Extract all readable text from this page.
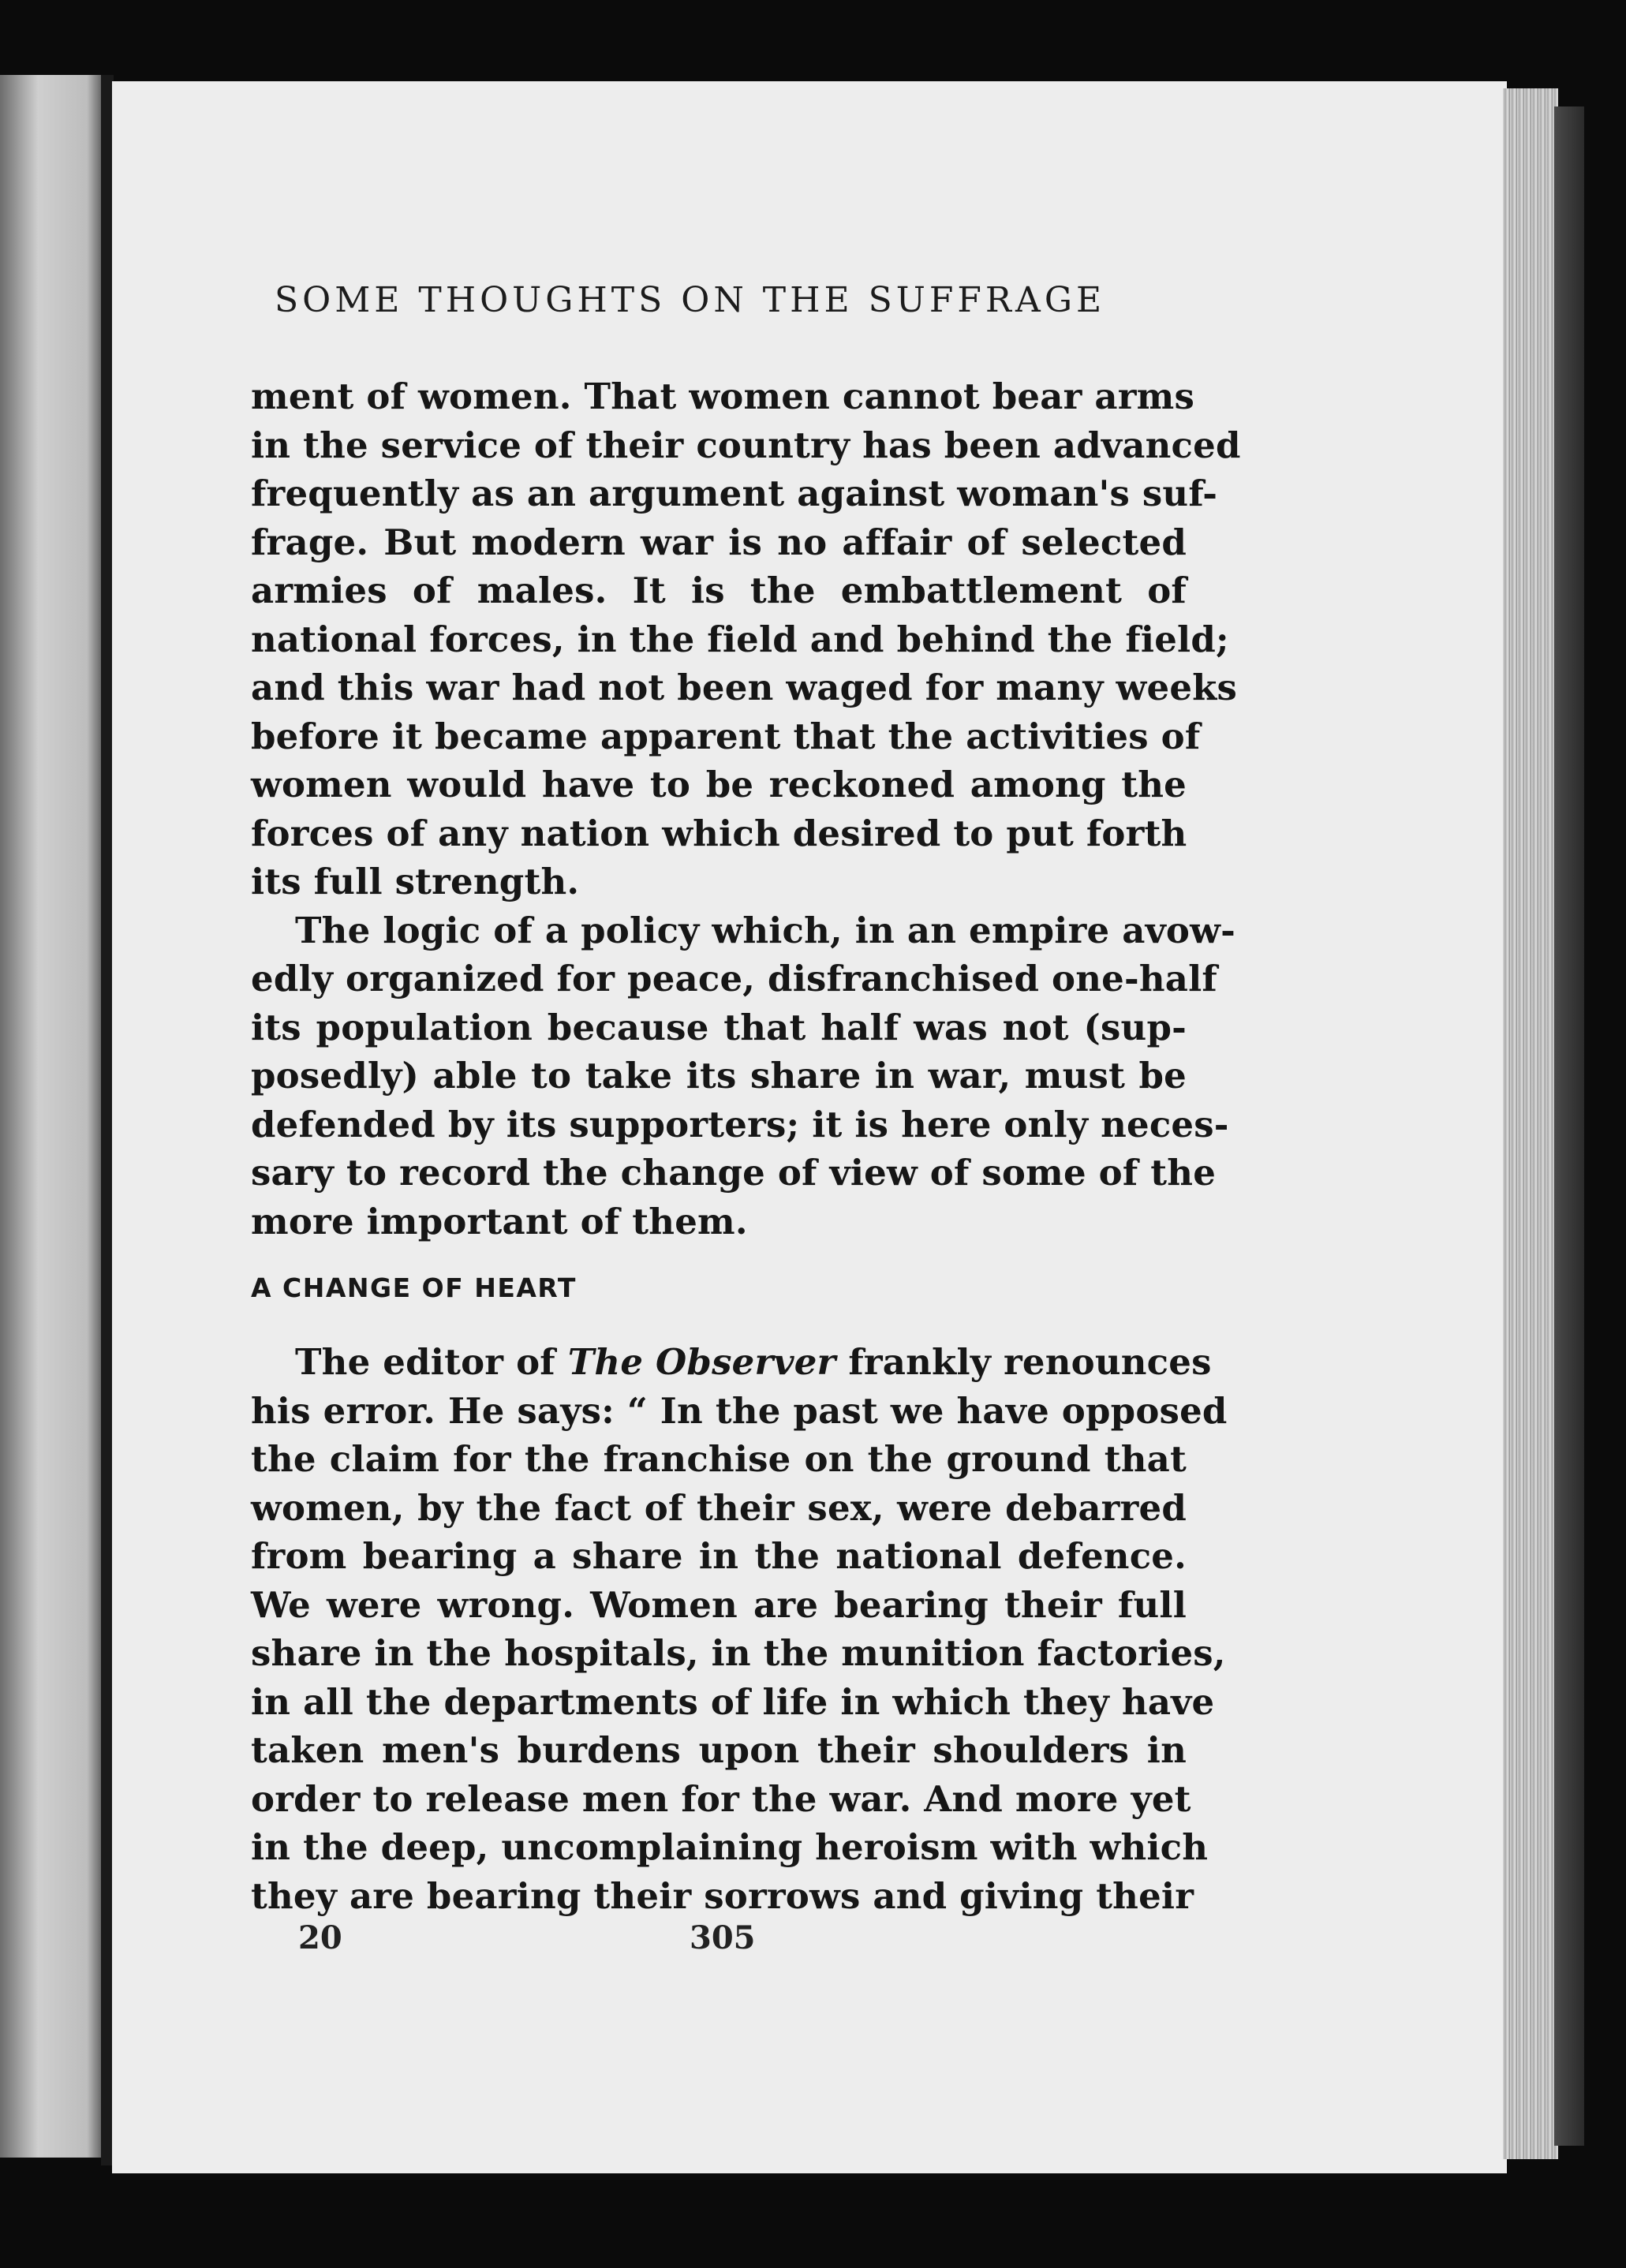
SOME THOUGHTS ON THE SUFFRAGE
ment of women. That women cannot bear arms
in the service of their country has been advanced
frequently as an argument against woman's suf-
frage. But modern war is no affair of selected
armies of males. It is the embattlement of
national forces, in the field and behind the field;
and this war had not been waged for many weeks
before it became apparent that the activities of
women would have to be reckoned among the
forces of any nation which desired to put forth
its full strength.
The logic of a policy which, in an empire avow-
edly organized for peace, disfranchised one-half
its population because that half was not (sup-
posedly) able to take its share in war, must be
defended by its supporters; it is here only neces-
sary to record the change of view of some of the
more important of them.
A CHANGE OF HEART
The editor of The Observer frankly renounces
his error. He says: “ In the past we have opposed
the claim for the franchise on the ground that
women, by the fact of their sex, were debarred
from bearing a share in the national defence.
We were wrong. Women are bearing their full
share in the hospitals, in the munition factories,
in all the departments of life in which they have
taken men's burdens upon their shoulders in
order to release men for the war. And more yet
in the deep, uncomplaining heroism with which
they are bearing their sorrows and giving their
20	305
